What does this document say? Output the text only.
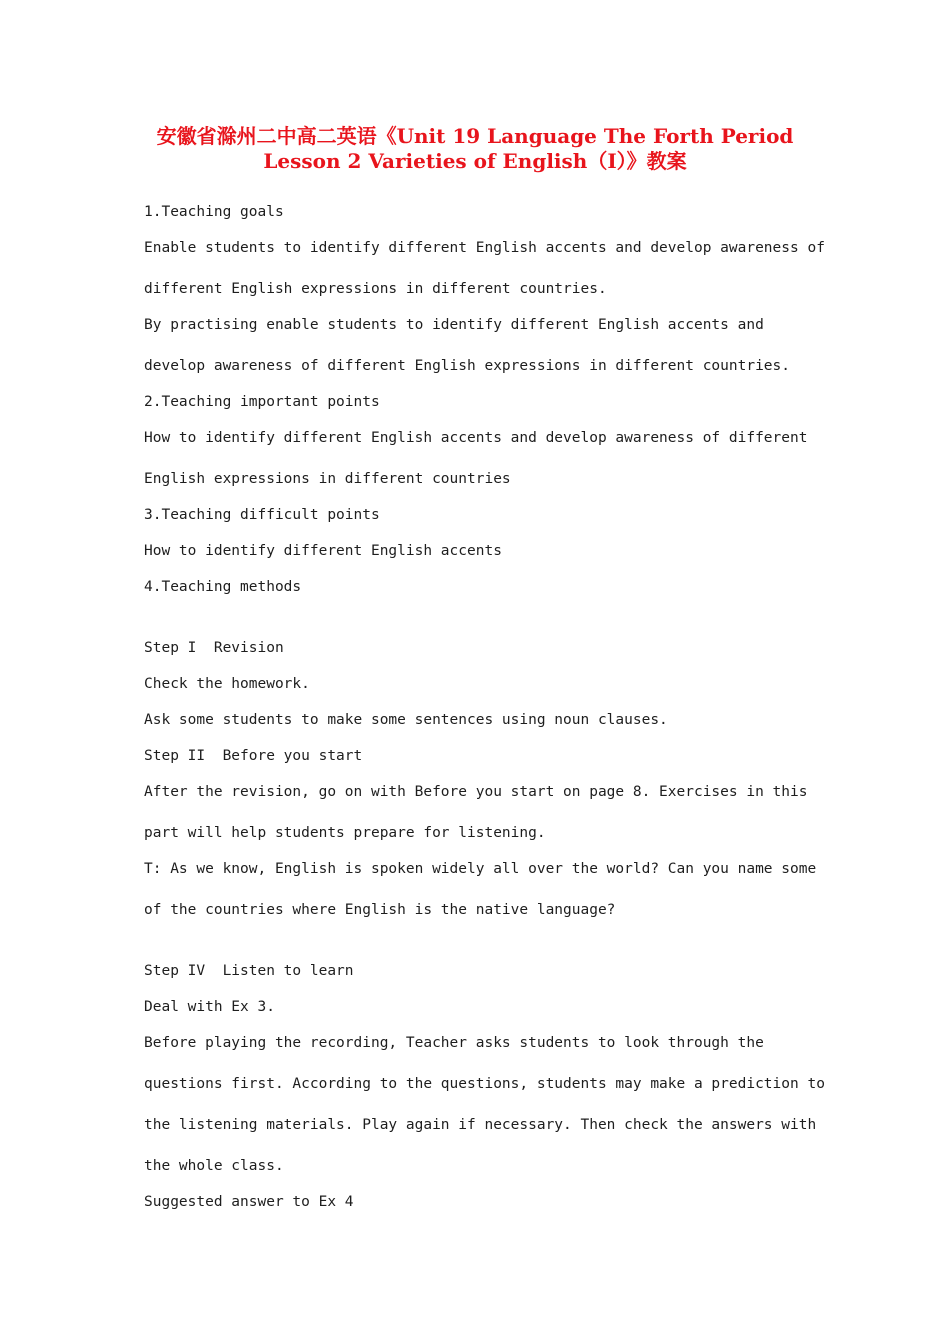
安徽省滁州二中高二英语《Unit 19 Language The Forth Period
Lesson 2 Varieties of English（I）》教案
1.Teaching goals
Enable students to identify different English accents and develop awareness of
different English expressions in different countries.
By practising enable students to identify different English accents and
develop awareness of different English expressions in different countries.
2.Teaching important points
How to identify different English accents and develop awareness of different
English expressions in different countries
3.Teaching difficult points
How to identify different English accents
4.Teaching methods
Step I  Revision
Check the homework.
Ask some students to make some sentences using noun clauses.
Step II  Before you start
After the revision, go on with Before you start on page 8. Exercises in this
part will help students prepare for listening.
T: As we know, English is spoken widely all over the world? Can you name some
of the countries where English is the native language?
Step IV  Listen to learn
Deal with Ex 3.
Before playing the recording, Teacher asks students to look through the
questions first. According to the questions, students may make a prediction to
the listening materials. Play again if necessary. Then check the answers with
the whole class.
Suggested answer to Ex 4
